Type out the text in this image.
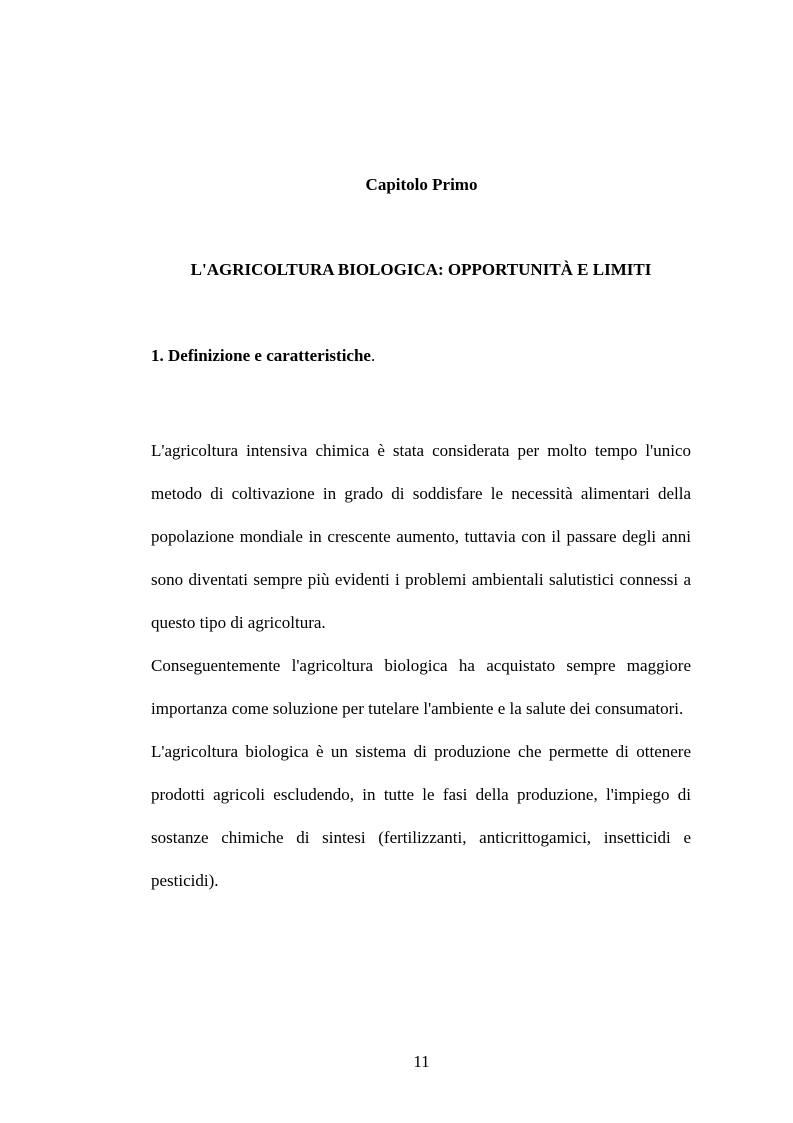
Capitolo Primo
L'AGRICOLTURA BIOLOGICA: OPPORTUNITÀ E LIMITI
1. Definizione e caratteristiche.

L'agricoltura intensiva chimica è stata considerata per molto tempo l'unico metodo di coltivazione in grado di soddisfare le necessità alimentari della popolazione mondiale in crescente aumento, tuttavia con il passare degli anni sono diventati sempre più evidenti i problemi ambientali salutistici connessi a questo tipo di agricoltura.

Conseguentemente l'agricoltura biologica ha acquistato sempre maggiore importanza come soluzione per tutelare l'ambiente e la salute dei consumatori.

L'agricoltura biologica è un sistema di produzione che permette di ottenere prodotti agricoli escludendo, in tutte le fasi della produzione, l'impiego di sostanze chimiche di sintesi (fertilizzanti, anticrittogamici, insetticidi e pesticidi).

11
